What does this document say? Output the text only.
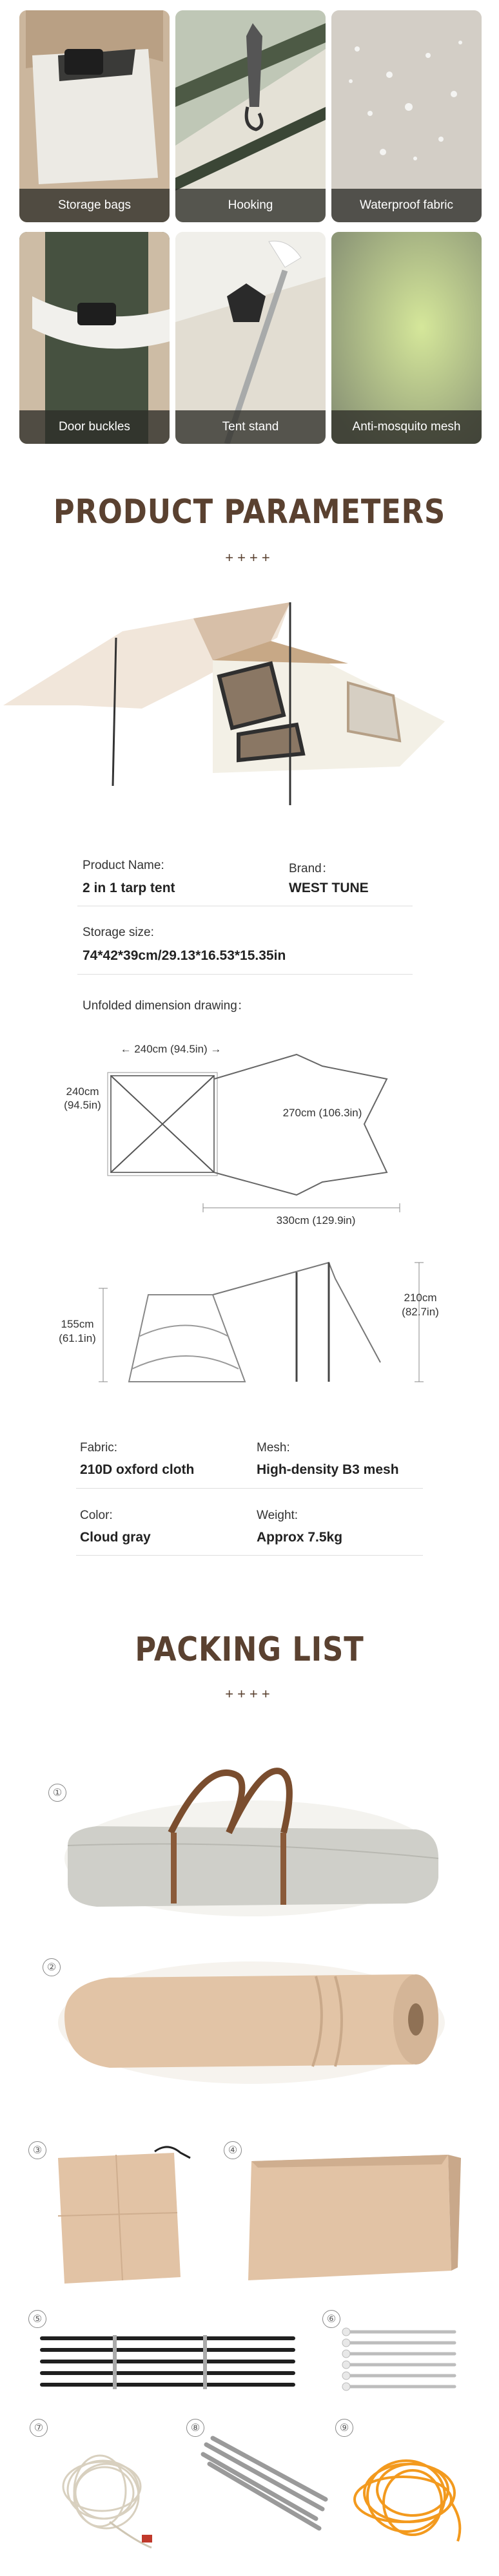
Storage bags	Hooking	Waterproof fabric
Door buckles	Tent stand	Anti-mosquito mesh
PRODUCT PARAMETERS
++++
Product Name:
2 in 1 tarp tent
Brand：
WEST TUNE
Storage size:
74*42*39cm/29.13*16.53*15.35in
Unfolded dimension drawing：
← 240cm (94.5in) →
240cm
(94.5in)
270cm (106.3in)
330cm (129.9in)
155cm
(61.1in)
210cm
(82.7in)
Fabric:
210D oxford cloth
Mesh:
High-density B3 mesh
Color:
Cloud gray
Weight:
Approx 7.5kg
PACKING LIST
++++
①
②
③	④
⑤	⑥
⑦	⑧	⑨
